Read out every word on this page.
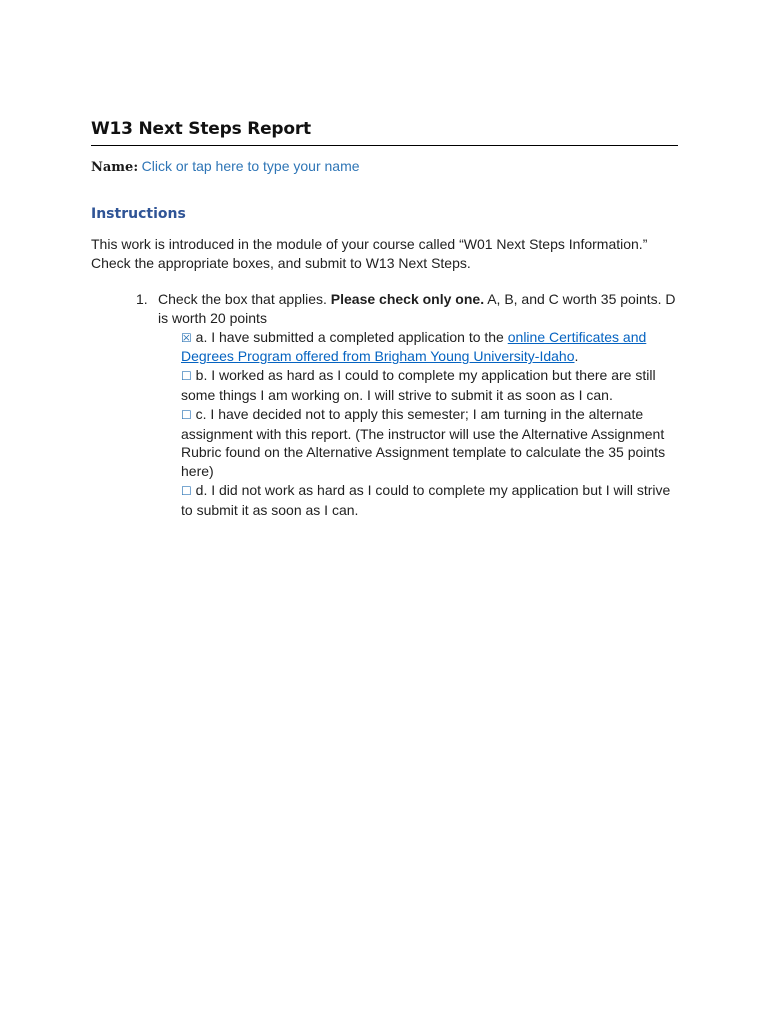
W13 Next Steps Report
Name: Click or tap here to type your name
Instructions
This work is introduced in the module of your course called “W01 Next Steps Information.”
Check the appropriate boxes, and submit to W13 Next Steps.
1. Check the box that applies. Please check only one. A, B, and C worth 35 points. D is worth 20 points
☒ a. I have submitted a completed application to the online Certificates and Degrees Program offered from Brigham Young University-Idaho.
☐ b. I worked as hard as I could to complete my application but there are still some things I am working on. I will strive to submit it as soon as I can.
☐ c. I have decided not to apply this semester; I am turning in the alternate assignment with this report. (The instructor will use the Alternative Assignment Rubric found on the Alternative Assignment template to calculate the 35 points here)
☐ d. I did not work as hard as I could to complete my application but I will strive to submit it as soon as I can.
